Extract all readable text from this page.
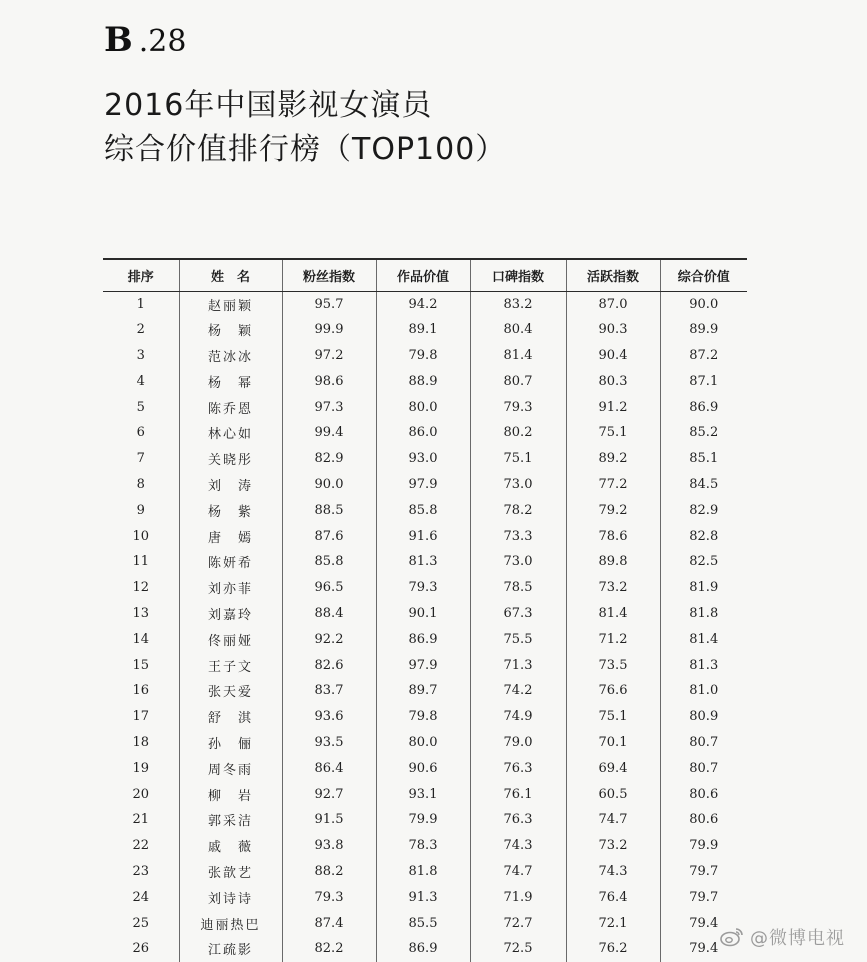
B . 28
2016年中国影视女演员
综合价值排行榜（TOP100）
排序	姓　名	粉丝指数	作品价值	口碑指数	活跃指数	综合价值
1	赵丽颖	95.7	94.2	83.2	87.0	90.0
2	杨　颖	99.9	89.1	80.4	90.3	89.9
3	范冰冰	97.2	79.8	81.4	90.4	87.2
4	杨　幂	98.6	88.9	80.7	80.3	87.1
5	陈乔恩	97.3	80.0	79.3	91.2	86.9
6	林心如	99.4	86.0	80.2	75.1	85.2
7	关晓彤	82.9	93.0	75.1	89.2	85.1
8	刘　涛	90.0	97.9	73.0	77.2	84.5
9	杨　紫	88.5	85.8	78.2	79.2	82.9
10	唐　嫣	87.6	91.6	73.3	78.6	82.8
11	陈妍希	85.8	81.3	73.0	89.8	82.5
12	刘亦菲	96.5	79.3	78.5	73.2	81.9
13	刘嘉玲	88.4	90.1	67.3	81.4	81.8
14	佟丽娅	92.2	86.9	75.5	71.2	81.4
15	王子文	82.6	97.9	71.3	73.5	81.3
16	张天爱	83.7	89.7	74.2	76.6	81.0
17	舒　淇	93.6	79.8	74.9	75.1	80.9
18	孙　俪	93.5	80.0	79.0	70.1	80.7
19	周冬雨	86.4	90.6	76.3	69.4	80.7
20	柳　岩	92.7	93.1	76.1	60.5	80.6
21	郭采洁	91.5	79.9	76.3	74.7	80.6
22	戚　薇	93.8	78.3	74.3	73.2	79.9
23	张歆艺	88.2	81.8	74.7	74.3	79.7
24	刘诗诗	79.3	91.3	71.9	76.4	79.7
25	迪丽热巴	87.4	85.5	72.7	72.1	79.4
26	江疏影	82.2	86.9	72.5	76.2	79.4 @微博电视
